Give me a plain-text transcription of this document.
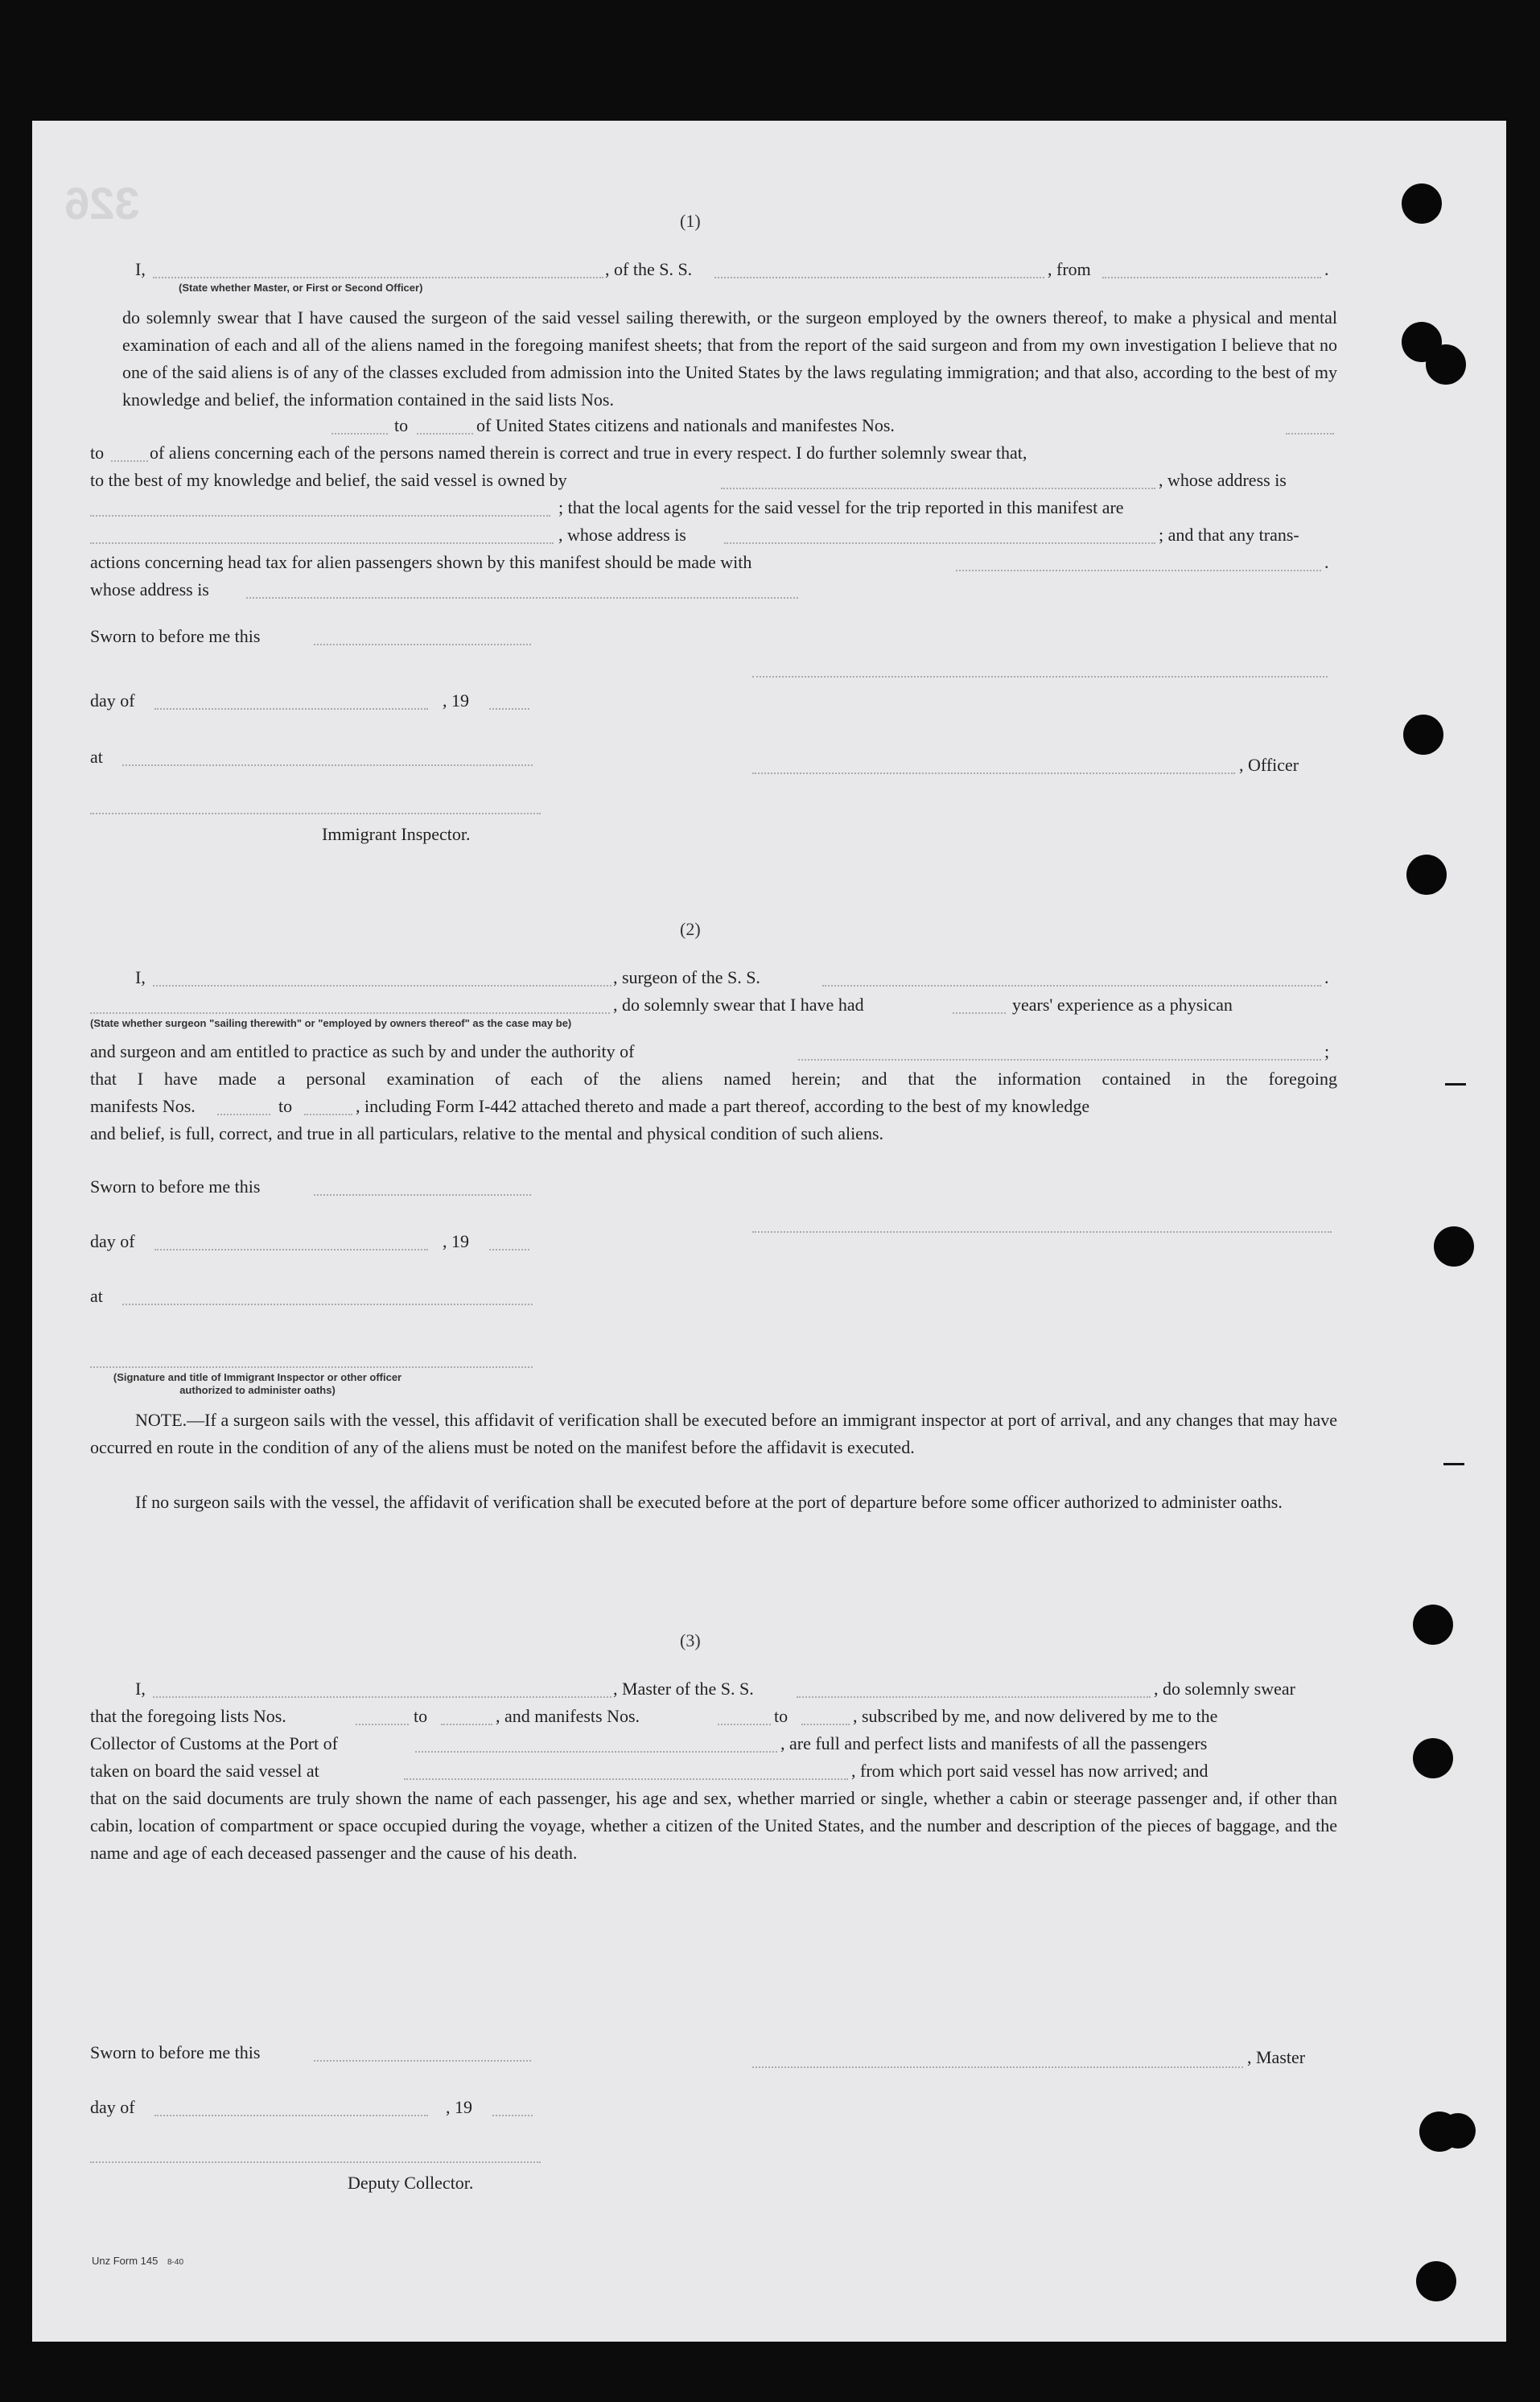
326	(1)
I,	, of the S. S.	, from	.
(State whether Master, or First or Second Officer)
do solemnly swear that I have caused the surgeon of the said vessel sailing therewith, or the surgeon employed by the owners thereof, to make a physical and mental examination of each and all of the aliens named in the foregoing manifest sheets; that from the report of the said surgeon and from my own investigation I believe that no one of the said aliens is of any of the classes excluded from admission into the United States by the laws regulating immigration; and that also, according to the best of my knowledge and belief, the information contained in the said lists Nos.
to	of United States citizens and nationals and manifestes Nos.
to	of aliens concerning each of the persons named therein is correct and true in every respect. I do further solemnly swear that,
to the best of my knowledge and belief, the said vessel is owned by	, whose address is
; that the local agents for the said vessel for the trip reported in this manifest are
, whose address is	; and that any trans-
actions concerning head tax for alien passengers shown by this manifest should be made with	.
whose address is
Sworn to before me this
day of	, 19
at	, Officer
Immigrant Inspector.
(2)
I,	, surgeon of the S. S.	.
, do solemnly swear that I have had	years' experience as a physican
(State whether surgeon "sailing therewith" or "employed by owners thereof" as the case may be)
and surgeon and am entitled to practice as such by and under the authority of	;
that I have made a personal examination of each of the aliens named herein; and that the information contained in the foregoing
manifests Nos.	to	, including Form I-442 attached thereto and made a part thereof, according to the best of my knowledge
and belief, is full, correct, and true in all particulars, relative to the mental and physical condition of such aliens.
Sworn to before me this
day of	, 19
at
(Signature and title of Immigrant Inspector or other officer authorized to administer oaths)
NOTE.—If a surgeon sails with the vessel, this affidavit of verification shall be executed before an immigrant inspector at port of arrival, and any changes that may have occurred en route in the condition of any of the aliens must be noted on the manifest before the affidavit is executed.
If no surgeon sails with the vessel, the affidavit of verification shall be executed before at the port of departure before some officer authorized to administer oaths.
(3)
I,	, Master of the S. S.	, do solemnly swear
that the foregoing lists Nos.	to	, and manifests Nos.	to	, subscribed by me, and now delivered by me to the
Collector of Customs at the Port of	, are full and perfect lists and manifests of all the passengers
taken on board the said vessel at	, from which port said vessel has now arrived; and
that on the said documents are truly shown the name of each passenger, his age and sex, whether married or single, whether a cabin or steerage passenger and, if other than cabin, location of compartment or space occupied during the voyage, whether a citizen of the United States, and the number and description of the pieces of baggage, and the name and age of each deceased passenger and the cause of his death.
Sworn to before me this	, Master
day of	, 19
Deputy Collector.
Unz Form 145 8-40
